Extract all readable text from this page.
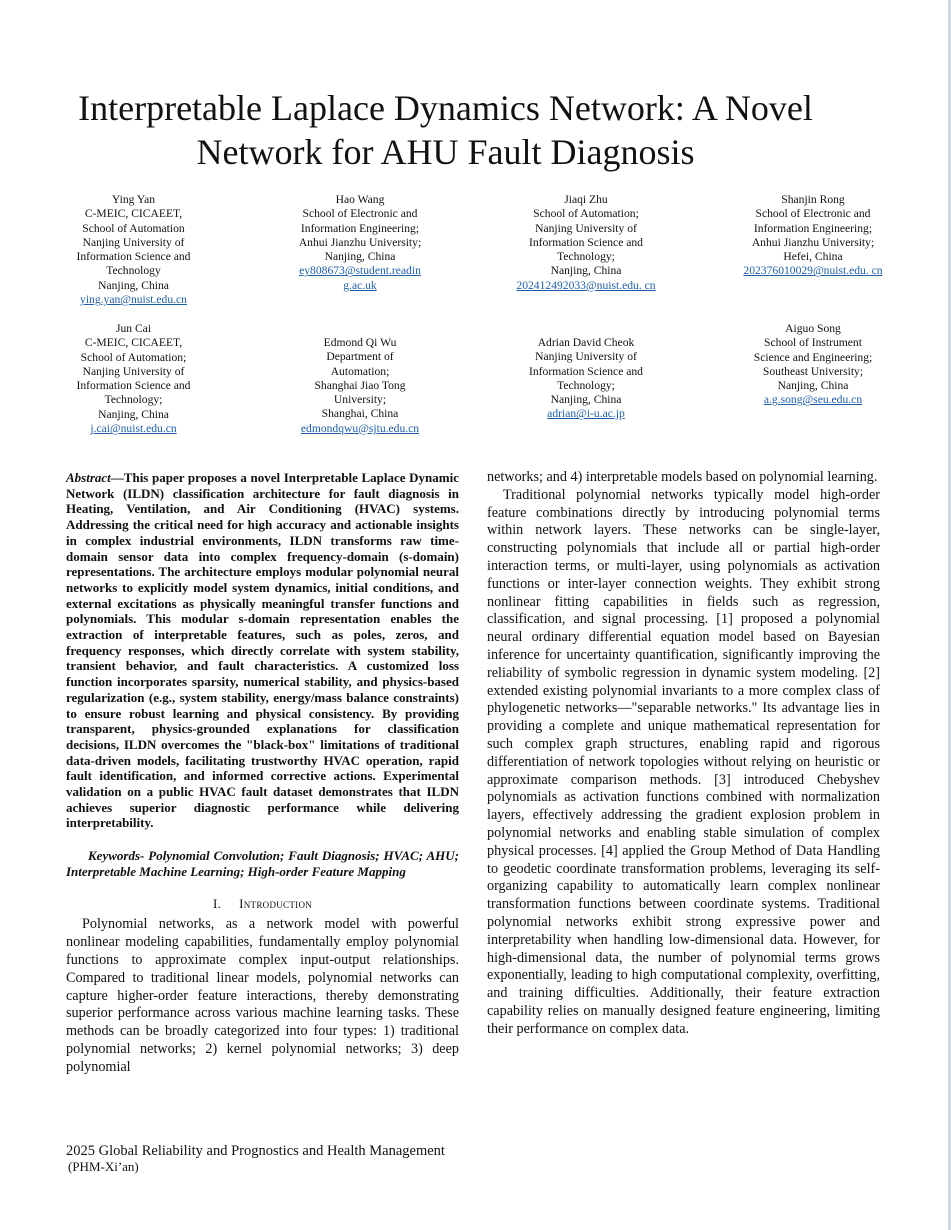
Interpretable Laplace Dynamics Network: A Novel Network for AHU Fault Diagnosis
Ying Yan
C-MEIC, CICAEET,
School of Automation
Nanjing University of
Information Science and
Technology
Nanjing, China
ying.yan@nuist.edu.cn
Hao Wang
School of Electronic and
Information Engineering;
Anhui Jianzhu University;
Nanjing, China
ey808673@student.readin g.ac.uk
Jiaqi Zhu
School of Automation;
Nanjing University of
Information Science and
Technology;
Nanjing, China
202412492033@nuist.edu. cn
Shanjin Rong
School of Electronic and
Information Engineering;
Anhui Jianzhu University;
Hefei, China
202376010029@nuist.edu. cn
Jun Cai
C-MEIC, CICAEET,
School of Automation;
Nanjing University of
Information Science and
Technology;
Nanjing, China
j.cai@nuist.edu.cn
Edmond Qi Wu
Department of
Automation;
Shanghai Jiao Tong
University;
Shanghai, China
edmondqwu@sjtu.edu.cn
Adrian David Cheok
Nanjing University of
Information Science and
Technology;
Nanjing, China
adrian@i-u.ac.jp
Aiguo Song
School of Instrument
Science and Engineering;
Southeast University;
Nanjing, China
a.g.song@seu.edu.cn

Abstract—This paper proposes a novel Interpretable Laplace Dynamic Network (ILDN) classification architecture for fault diagnosis in Heating, Ventilation, and Air Conditioning (HVAC) systems. Addressing the critical need for high accuracy and actionable insights in complex industrial environments, ILDN transforms raw time-domain sensor data into complex frequency-domain (s-domain) representations. The architecture employs modular polynomial neural networks to explicitly model system dynamics, initial conditions, and external excitations as physically meaningful transfer functions and polynomials. This modular s-domain representation enables the extraction of interpretable features, such as poles, zeros, and frequency responses, which directly correlate with system stability, transient behavior, and fault characteristics. A customized loss function incorporates sparsity, numerical stability, and physics-based regularization (e.g., system stability, energy/mass balance constraints) to ensure robust learning and physical consistency. By providing transparent, physics-grounded explanations for classification decisions, ILDN overcomes the "black-box" limitations of traditional data-driven models, facilitating trustworthy HVAC operation, rapid fault identification, and informed corrective actions. Experimental validation on a public HVAC fault dataset demonstrates that ILDN achieves superior diagnostic performance while delivering interpretability.

Keywords- Polynomial Convolution; Fault Diagnosis; HVAC; AHU; Interpretable Machine Learning; High-order Feature Mapping

I. Introduction

Polynomial networks, as a network model with powerful nonlinear modeling capabilities, fundamentally employ polynomial functions to approximate complex input-output relationships. Compared to traditional linear models, polynomial networks can capture higher-order feature interactions, thereby demonstrating superior performance across various machine learning tasks. These methods can be broadly categorized into four types: 1) traditional polynomial networks; 2) kernel polynomial networks; 3) deep polynomial

networks; and 4) interpretable models based on polynomial learning.

Traditional polynomial networks typically model high-order feature combinations directly by introducing polynomial terms within network layers. These networks can be single-layer, constructing polynomials that include all or partial high-order interaction terms, or multi-layer, using polynomials as activation functions or inter-layer connection weights. They exhibit strong nonlinear fitting capabilities in fields such as regression, classification, and signal processing. [1] proposed a polynomial neural ordinary differential equation model based on Bayesian inference for uncertainty quantification, significantly improving the reliability of symbolic regression in dynamic system modeling. [2] extended existing polynomial invariants to a more complex class of phylogenetic networks—"separable networks." Its advantage lies in providing a complete and unique mathematical representation for such complex graph structures, enabling rapid and rigorous differentiation of network topologies without relying on heuristic or approximate comparison methods. [3] introduced Chebyshev polynomials as activation functions combined with normalization layers, effectively addressing the gradient explosion problem in polynomial networks and enabling stable simulation of complex physical processes. [4] applied the Group Method of Data Handling to geodetic coordinate transformation problems, leveraging its self-organizing capability to automatically learn complex nonlinear transformation functions between coordinate systems. Traditional polynomial networks exhibit strong expressive power and interpretability when handling low-dimensional data. However, for high-dimensional data, the number of polynomial terms grows exponentially, leading to high computational complexity, overfitting, and training difficulties. Additionally, their feature extraction capability relies on manually designed feature engineering, limiting their performance on complex data.

2025 Global Reliability and Prognostics and Health Management
(PHM-Xi’an)
